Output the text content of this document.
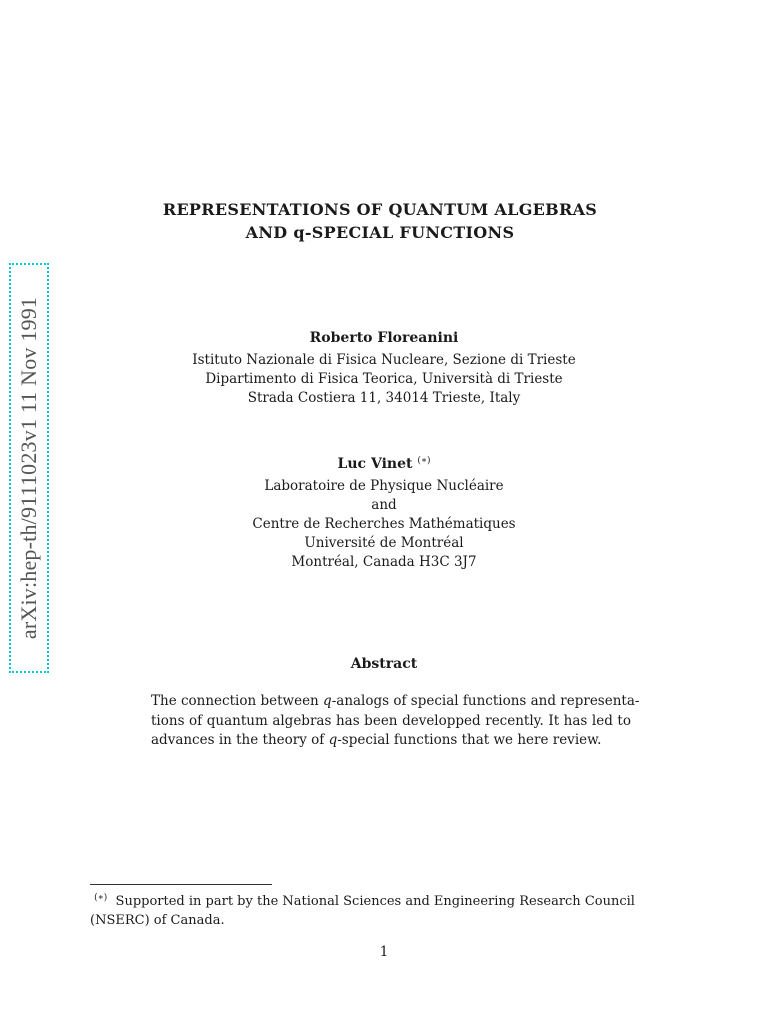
arXiv:hep-th/9111023v1 11 Nov 1991
REPRESENTATIONS OF QUANTUM ALGEBRAS
AND q-SPECIAL FUNCTIONS
Roberto Floreanini
Istituto Nazionale di Fisica Nucleare, Sezione di Trieste
Dipartimento di Fisica Teorica, Università di Trieste
Strada Costiera 11, 34014 Trieste, Italy
Luc Vinet (∗)
Laboratoire de Physique Nucléaire
and
Centre de Recherches Mathématiques
Université de Montréal
Montréal, Canada H3C 3J7
Abstract
The connection between q-analogs of special functions and representa-
tions of quantum algebras has been developped recently. It has led to
advances in the theory of q-special functions that we here review.
(∗) Supported in part by the National Sciences and Engineering Research Council (NSERC) of Canada.
1
